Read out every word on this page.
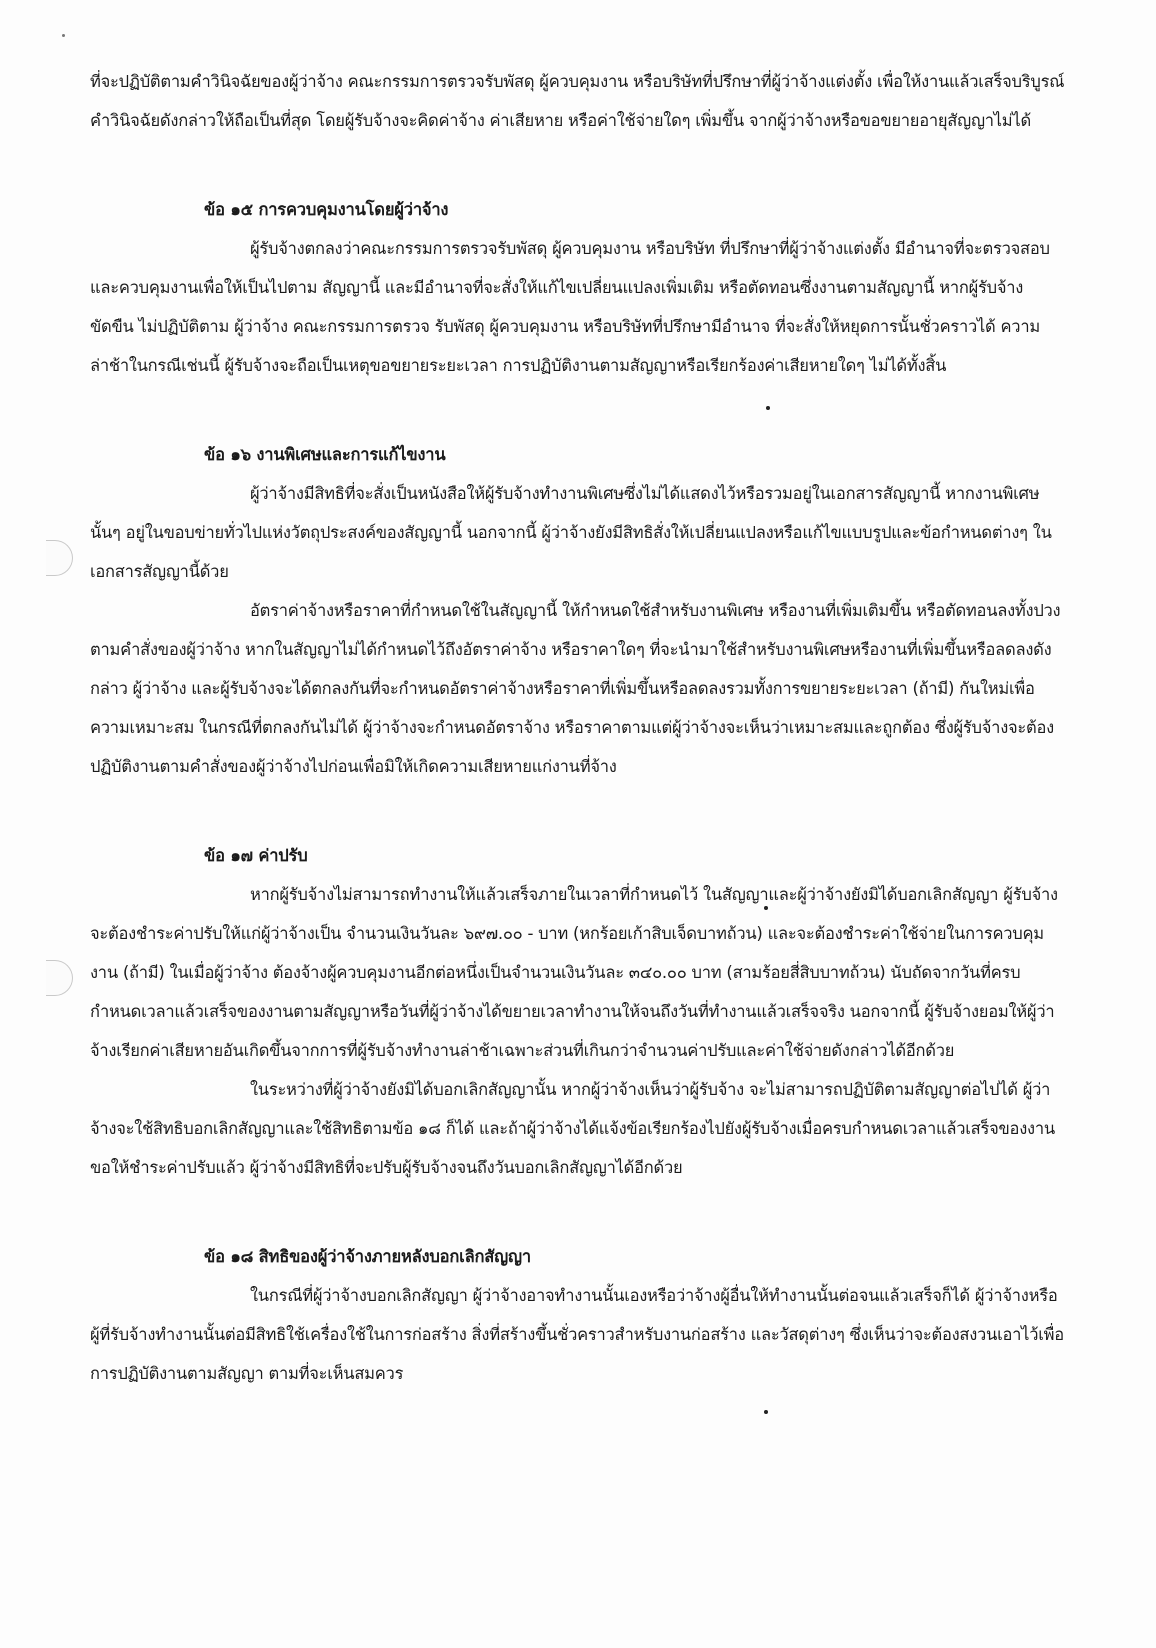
ที่จะปฏิบัติตามคำวินิจฉัยของผู้ว่าจ้าง คณะกรรมการตรวจรับพัสดุ ผู้ควบคุมงาน หรือบริษัทที่ปรึกษาที่ผู้ว่าจ้างแต่งตั้ง เพื่อให้งานแล้วเสร็จบริบูรณ์ คำวินิจฉัยดังกล่าวให้ถือเป็นที่สุด โดยผู้รับจ้างจะคิดค่าจ้าง ค่าเสียหาย หรือค่าใช้จ่ายใดๆ เพิ่มขึ้น จากผู้ว่าจ้างหรือขอขยายอายุสัญญาไม่ได้

ข้อ ๑๕ การควบคุมงานโดยผู้ว่าจ้าง

ผู้รับจ้างตกลงว่าคณะกรรมการตรวจรับพัสดุ ผู้ควบคุมงาน หรือบริษัท ที่ปรึกษาที่ผู้ว่าจ้างแต่งตั้ง มีอำนาจที่จะตรวจสอบและควบคุมงานเพื่อให้เป็นไปตาม สัญญานี้ และมีอำนาจที่จะสั่งให้แก้ไขเปลี่ยนแปลงเพิ่มเติม หรือตัดทอนซึ่งงานตามสัญญานี้ หากผู้รับจ้างขัดขืน ไม่ปฏิบัติตาม ผู้ว่าจ้าง คณะกรรมการตรวจ รับพัสดุ ผู้ควบคุมงาน หรือบริษัทที่ปรึกษามีอำนาจ ที่จะสั่งให้หยุดการนั้นชั่วคราวได้ ความล่าช้าในกรณีเช่นนี้ ผู้รับจ้างจะถือเป็นเหตุขอขยายระยะเวลา การปฏิบัติงานตามสัญญาหรือเรียกร้องค่าเสียหายใดๆ ไม่ได้ทั้งสิ้น

ข้อ ๑๖ งานพิเศษและการแก้ไขงาน

ผู้ว่าจ้างมีสิทธิที่จะสั่งเป็นหนังสือให้ผู้รับจ้างทำงานพิเศษซึ่งไม่ได้แสดงไว้หรือรวมอยู่ในเอกสารสัญญานี้ หากงานพิเศษนั้นๆ อยู่ในขอบข่ายทั่วไปแห่งวัตถุประสงค์ของสัญญานี้ นอกจากนี้ ผู้ว่าจ้างยังมีสิทธิสั่งให้เปลี่ยนแปลงหรือแก้ไขแบบรูปและข้อกำหนดต่างๆ ในเอกสารสัญญานี้ด้วย

อัตราค่าจ้างหรือราคาที่กำหนดใช้ในสัญญานี้ ให้กำหนดใช้สำหรับงานพิเศษ หรืองานที่เพิ่มเติมขึ้น หรือตัดทอนลงทั้งปวงตามคำสั่งของผู้ว่าจ้าง หากในสัญญาไม่ได้กำหนดไว้ถึงอัตราค่าจ้าง หรือราคาใดๆ ที่จะนำมาใช้สำหรับงานพิเศษหรืองานที่เพิ่มขึ้นหรือลดลงดังกล่าว ผู้ว่าจ้าง และผู้รับจ้างจะได้ตกลงกันที่จะกำหนดอัตราค่าจ้างหรือราคาที่เพิ่มขึ้นหรือลดลงรวมทั้งการขยายระยะเวลา (ถ้ามี) กันใหม่เพื่อความเหมาะสม ในกรณีที่ตกลงกันไม่ได้ ผู้ว่าจ้างจะกำหนดอัตราจ้าง หรือราคาตามแต่ผู้ว่าจ้างจะเห็นว่าเหมาะสมและถูกต้อง ซึ่งผู้รับจ้างจะต้องปฏิบัติงานตามคำสั่งของผู้ว่าจ้างไปก่อนเพื่อมิให้เกิดความเสียหายแก่งานที่จ้าง

ข้อ ๑๗ ค่าปรับ

หากผู้รับจ้างไม่สามารถทำงานให้แล้วเสร็จภายในเวลาที่กำหนดไว้ ในสัญญาและผู้ว่าจ้างยังมิได้บอกเลิกสัญญา ผู้รับจ้างจะต้องชำระค่าปรับให้แก่ผู้ว่าจ้างเป็น จำนวนเงินวันละ ๖๙๗.๐๐ - บาท (หกร้อยเก้าสิบเจ็ดบาทถ้วน) และจะต้องชำระค่าใช้จ่ายในการควบคุมงาน (ถ้ามี) ในเมื่อผู้ว่าจ้าง ต้องจ้างผู้ควบคุมงานอีกต่อหนึ่งเป็นจำนวนเงินวันละ ๓๔๐.๐๐ บาท (สามร้อยสี่สิบบาทถ้วน) นับถัดจากวันที่ครบกำหนดเวลาแล้วเสร็จของงานตามสัญญาหรือวันที่ผู้ว่าจ้างได้ขยายเวลาทำงานให้จนถึงวันที่ทำงานแล้วเสร็จจริง นอกจากนี้ ผู้รับจ้างยอมให้ผู้ว่าจ้างเรียกค่าเสียหายอันเกิดขึ้นจากการที่ผู้รับจ้างทำงานล่าช้าเฉพาะส่วนที่เกินกว่าจำนวนค่าปรับและค่าใช้จ่ายดังกล่าวได้อีกด้วย

ในระหว่างที่ผู้ว่าจ้างยังมิได้บอกเลิกสัญญานั้น หากผู้ว่าจ้างเห็นว่าผู้รับจ้าง จะไม่สามารถปฏิบัติตามสัญญาต่อไปได้ ผู้ว่าจ้างจะใช้สิทธิบอกเลิกสัญญาและใช้สิทธิตามข้อ ๑๘ ก็ได้ และถ้าผู้ว่าจ้างได้แจ้งข้อเรียกร้องไปยังผู้รับจ้างเมื่อครบกำหนดเวลาแล้วเสร็จของงานขอให้ชำระค่าปรับแล้ว ผู้ว่าจ้างมีสิทธิที่จะปรับผู้รับจ้างจนถึงวันบอกเลิกสัญญาได้อีกด้วย

ข้อ ๑๘ สิทธิของผู้ว่าจ้างภายหลังบอกเลิกสัญญา

ในกรณีที่ผู้ว่าจ้างบอกเลิกสัญญา ผู้ว่าจ้างอาจทำงานนั้นเองหรือว่าจ้างผู้อื่นให้ทำงานนั้นต่อจนแล้วเสร็จก็ได้ ผู้ว่าจ้างหรือผู้ที่รับจ้างทำงานนั้นต่อมีสิทธิใช้เครื่องใช้ในการก่อสร้าง สิ่งที่สร้างขึ้นชั่วคราวสำหรับงานก่อสร้าง และวัสดุต่างๆ ซึ่งเห็นว่าจะต้องสงวนเอาไว้เพื่อการปฏิบัติงานตามสัญญา ตามที่จะเห็นสมควร
